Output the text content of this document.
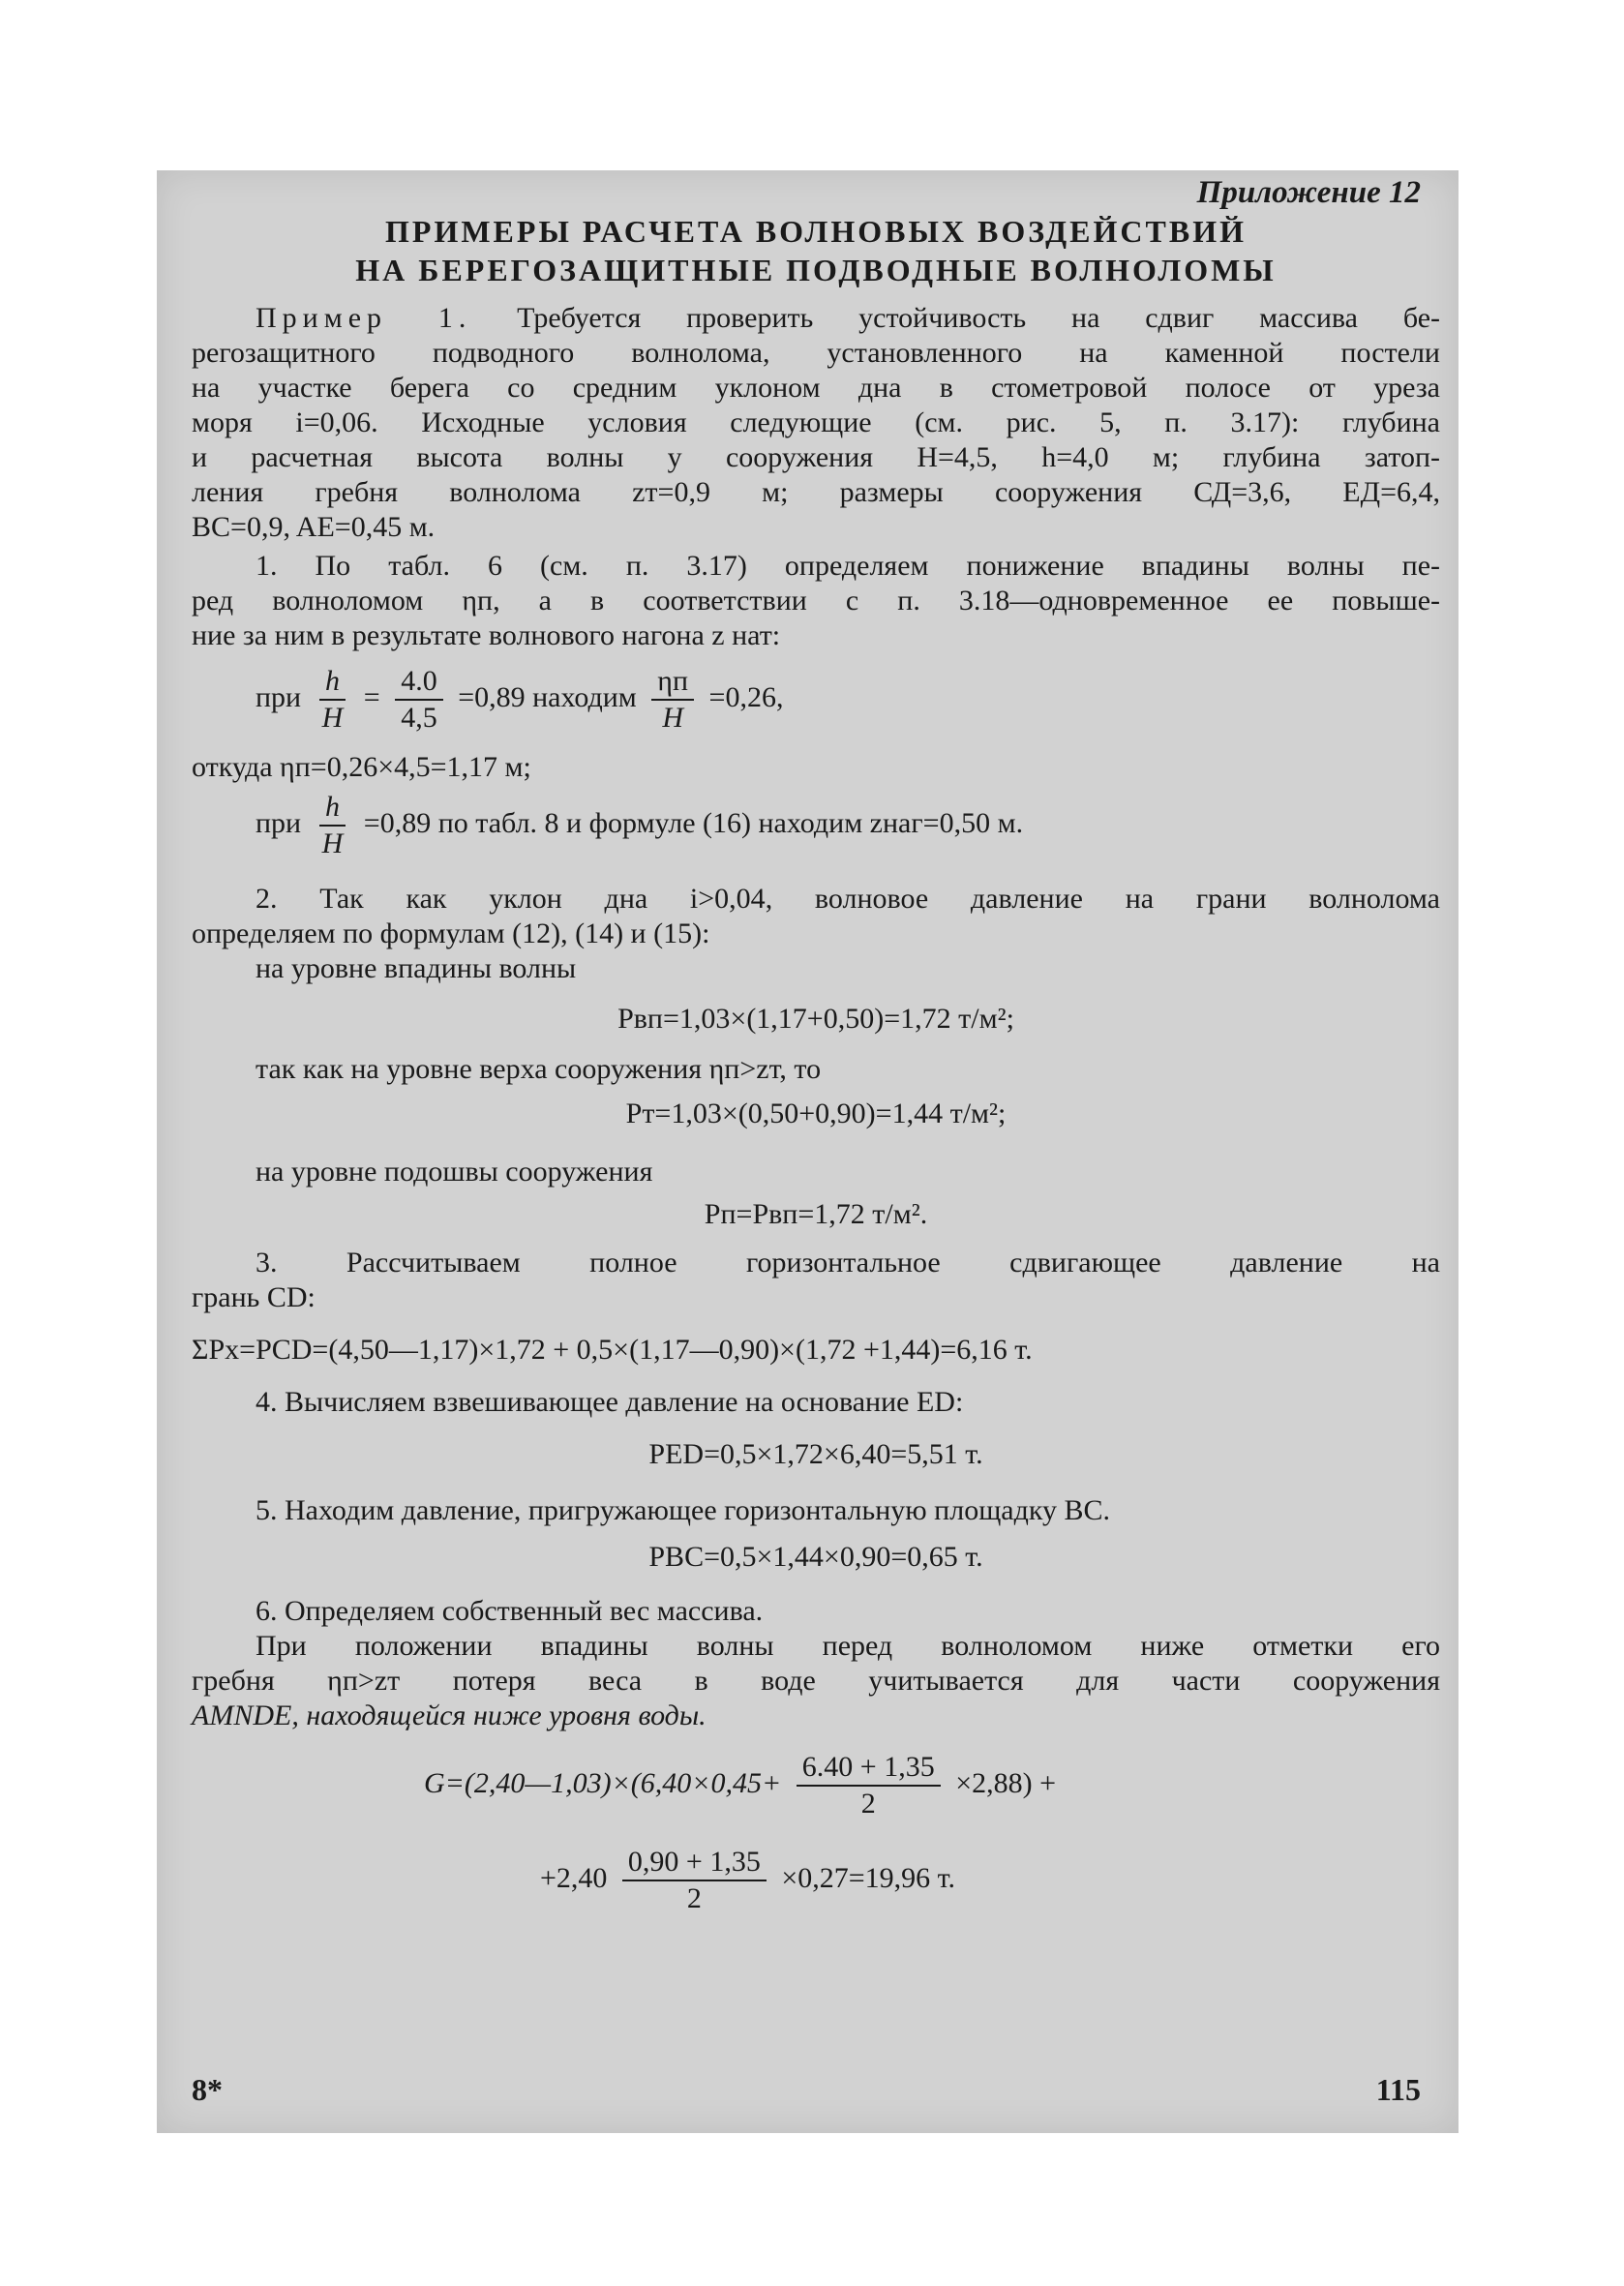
Приложение 12
ПРИМЕРЫ РАСЧЕТА ВОЛНОВЫХ ВОЗДЕЙСТВИЙ
НА БЕРЕГОЗАЩИТНЫЕ ПОДВОДНЫЕ ВОЛНОЛОМЫ
Пример 1. Требуется проверить устойчивость на сдвиг массива бе-
регозащитного подводного волнолома, установленного на каменной постели
на участке берега со средним уклоном дна в стометровой полосе от уреза
моря i=0,06. Исходные условия следующие (см. рис. 5, п. 3.17): глубина
и расчетная высота волны у сооружения H=4,5, h=4,0 м; глубина затоп-
ления гребня волнолома zт=0,9 м; размеры сооружения СД=3,6, ЕД=6,4,
BC=0,9, AE=0,45 м.
1. По табл. 6 (см. п. 3.17) определяем понижение впадины волны пе-
ред волноломом ηп, а в соответствии с п. 3.18—одновременное ее повыше-
ние за ним в результате волнового нагона z нат:
при $\frac{h}{H} = \frac{4.0}{4,5} =0,89$ находим $\frac{\eta п}{H} =0,26$,
откуда ηп=0,26×4,5=1,17 м;
при $\frac{h}{H} =0,89$ по табл. 8 и формуле (16) находим zнаг=0,50 м.
2. Так как уклон дна i>0,04, волновое давление на грани волнолома
определяем по формулам (12), (14) и (15):
на уровне впадины волны
Pвп=1,03×(1,17+0,50)=1,72 т/м²;
так как на уровне верха сооружения ηп>zт, то
Pт=1,03×(0,50+0,90)=1,44 т/м²;
на уровне подошвы сооружения
Pп=Pвп=1,72 т/м².
3. Рассчитываем полное горизонтальное сдвигающее давление на
грань CD:
ΣPx=PCD=(4,50—1,17)×1,72 + 0,5×(1,17—0,90)×(1,72 +1,44)=6,16 т.
4. Вычисляем взвешивающее давление на основание ED:
PED=0,5×1,72×6,40=5,51 т.
5. Находим давление, пригружающее горизонтальную площадку BC.
PBC=0,5×1,44×0,90=0,65 т.
6. Определяем собственный вес массива.
При положении впадины волны перед волноломом ниже отметки его
гребня ηп>zт потеря веса в воде учитывается для части сооружения
AMNDE, находящейся ниже уровня воды.
G=(2,40—1,03)×(6,40×0,45+ $\frac{6.40 + 1,35}{2} \times 2,88$) +
$+2,40 \frac{0,90 + 1,35}{2} \times 0,27=19,96$ т.
8*	115
